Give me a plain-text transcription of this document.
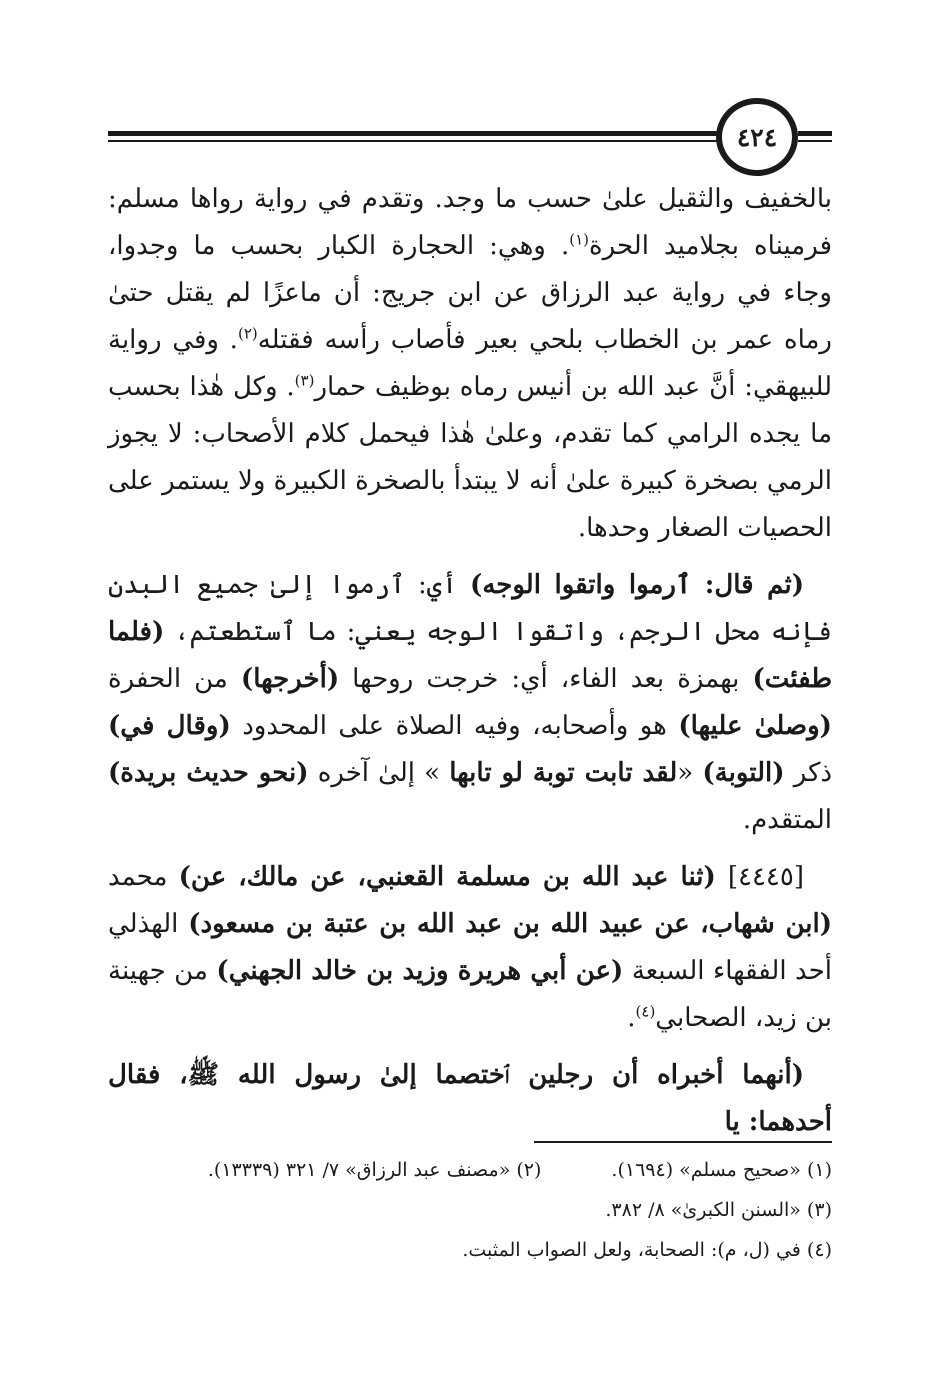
٤٢٤

بالخفيف والثقيل علىٰ حسب ما وجد. وتقدم في رواية رواها مسلم: فرميناه بجلاميد الحرة$^{(١)}$. وهي: الحجارة الكبار بحسب ما وجدوا، وجاء في رواية عبد الرزاق عن ابن جريج: أن ماعزًا لم يقتل حتىٰ رماه عمر بن الخطاب بلحي بعير فأصاب رأسه فقتله$^{(٢)}$. وفي رواية للبيهقي: أنَّ عبد الله بن أنيس رماه بوظيف حمار$^{(٣)}$. وكل هٰذا بحسب ما يجده الرامي كما تقدم، وعلىٰ هٰذا فيحمل كلام الأصحاب: لا يجوز الرمي بصخرة كبيرة علىٰ أنه لا يبتدأ بالصخرة الكبيرة ولا يستمر على الحصيات الصغار وحدها.

(ثم قال: ٱرموا واتقوا الوجه) أي: ٱرموا إلىٰ جميع البدن فإنه محل الرجم، واتقوا الوجه يعني: ما ٱستطعتم، (فلما طفئت) بهمزة بعد الفاء، أي: خرجت روحها (أخرجها) من الحفرة (وصلىٰ عليها) هو وأصحابه، وفيه الصلاة على المحدود (وقال في) ذكر (التوبة) «لقد تابت توبة لو تابها » إلىٰ آخره (نحو حديث بريدة) المتقدم.

[٤٤٤٥] (ثنا عبد الله بن مسلمة القعنبي، عن مالك، عن) محمد (ابن شهاب، عن عبيد الله بن عبد الله بن عتبة بن مسعود) الهذلي أحد الفقهاء السبعة (عن أبي هريرة وزيد بن خالد الجهني) من جهينة بن زيد، الصحابي$^{(٤)}$.

(أنهما أخبراه أن رجلين ٱختصما إلىٰ رسول الله ﷺ، فقال أحدهما: يا

(١) «صحيح مسلم» (١٦٩٤).
(٢) «مصنف عبد الرزاق» ٧/ ٣٢١ (١٣٣٣٩).
(٣) «السنن الكبرىٰ» ٨/ ٣٨٢.
(٤) في (ل، م): الصحابة، ولعل الصواب المثبت.
